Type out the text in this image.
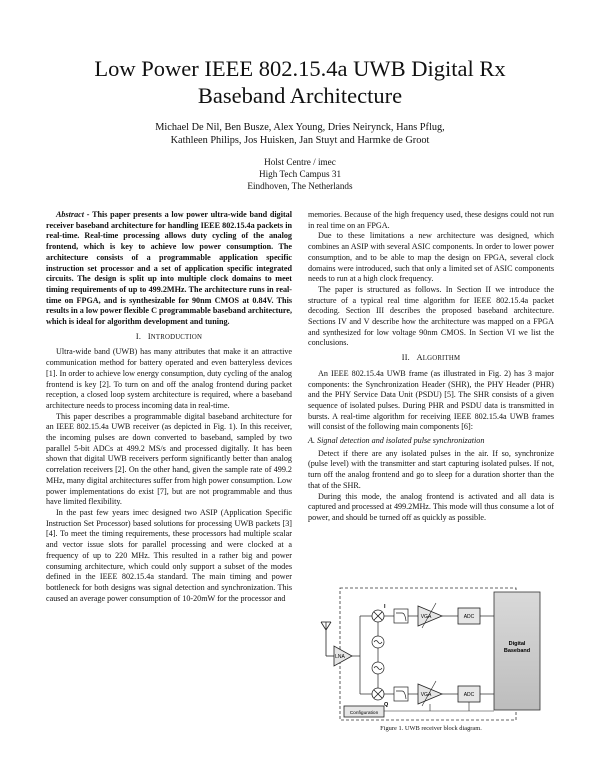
Low Power IEEE 802.15.4a UWB Digital Rx
Baseband Architecture
Michael De Nil, Ben Busze, Alex Young, Dries Neirynck, Hans Pflug,
Kathleen Philips, Jos Huisken, Jan Stuyt and Harmke de Groot
Holst Centre / imec
High Tech Campus 31
Eindhoven, The Netherlands

Abstract - This paper presents a low power ultra-wide band digital receiver baseband architecture for handling IEEE 802.15.4a packets in real-time. Real-time processing allows duty cycling of the analog frontend, which is key to achieve low power consumption. The architecture consists of a programmable application specific instruction set processor and a set of application specific integrated circuits. The design is split up into multiple clock domains to meet timing requirements of up to 499.2MHz. The architecture runs in real-time on FPGA, and is synthesizable for 90nm CMOS at 0.84V. This results in a low power flexible C programmable baseband architecture, which is ideal for algorithm development and tuning.

I. INTRODUCTION

Ultra-wide band (UWB) has many attributes that make it an attractive communication method for battery operated and even batteryless devices [1]. In order to achieve low energy consumption, duty cycling of the analog frontend is key [2]. To turn on and off the analog frontend during packet reception, a closed loop system architecture is required, where a baseband architecture needs to process incoming data in real-time.

This paper describes a programmable digital baseband architecture for an IEEE 802.15.4a UWB receiver (as depicted in Fig. 1). In this receiver, the incoming pulses are down converted to baseband, sampled by two parallel 5-bit ADCs at 499.2 MS/s and processed digitally. It has been shown that digital UWB receivers perform significantly better than analog correlation receivers [2]. On the other hand, given the sample rate of 499.2 MHz, many digital architectures suffer from high power consumption. Low power implementations do exist [7], but are not programmable and thus have limited flexibility.

In the past few years imec designed two ASIP (Application Specific Instruction Set Processor) based solutions for processing UWB packets [3] [4]. To meet the timing requirements, these processors had multiple scalar and vector issue slots for parallel processing and were clocked at a frequency of up to 220 MHz. This resulted in a rather big and power consuming architecture, which could only support a subset of the modes defined in the IEEE 802.15.4a standard. The main timing and power bottleneck for both designs was signal detection and synchronization. This caused an average power consumption of 10-20mW for the processor and

memories. Because of the high frequency used, these designs could not run in real time on an FPGA.

Due to these limitations a new architecture was designed, which combines an ASIP with several ASIC components. In order to lower power consumption, and to be able to map the design on FPGA, several clock domains were introduced, such that only a limited set of ASIC components needs to run at a high clock frequency.

The paper is structured as follows. In Section II we introduce the structure of a typical real time algorithm for IEEE 802.15.4a packet decoding. Section III describes the proposed baseband architecture. Sections IV and V describe how the architecture was mapped on a FPGA and synthesized for low voltage 90nm CMOS. In Section VI we list the conclusions.

II. ALGORITHM

An IEEE 802.15.4a UWB frame (as illustrated in Fig. 2) has 3 major components: the Synchronization Header (SHR), the PHY Header (PHR) and the PHY Service Data Unit (PSDU) [5]. The SHR consists of a given sequence of isolated pulses. During PHR and PSDU data is transmitted in bursts. A real-time algorithm for receiving IEEE 802.15.4a UWB frames will consist of the following main components [6]:

A. Signal detection and isolated pulse synchronization

Detect if there are any isolated pulses in the air. If so, synchronize (pulse level) with the transmitter and start capturing isolated pulses. If not, turn off the analog frontend and go to sleep for a duration shorter than the that of the SHR.

During this mode, the analog frontend is activated and all data is captured and processed at 499.2MHz. This mode will thus consume a lot of power, and should be turned off as quickly as possible.

Digital
Baseband
LNA
VGA
VGA
ADC
ADC
I
Q
Configuration
Figure 1. UWB receiver block diagram.
